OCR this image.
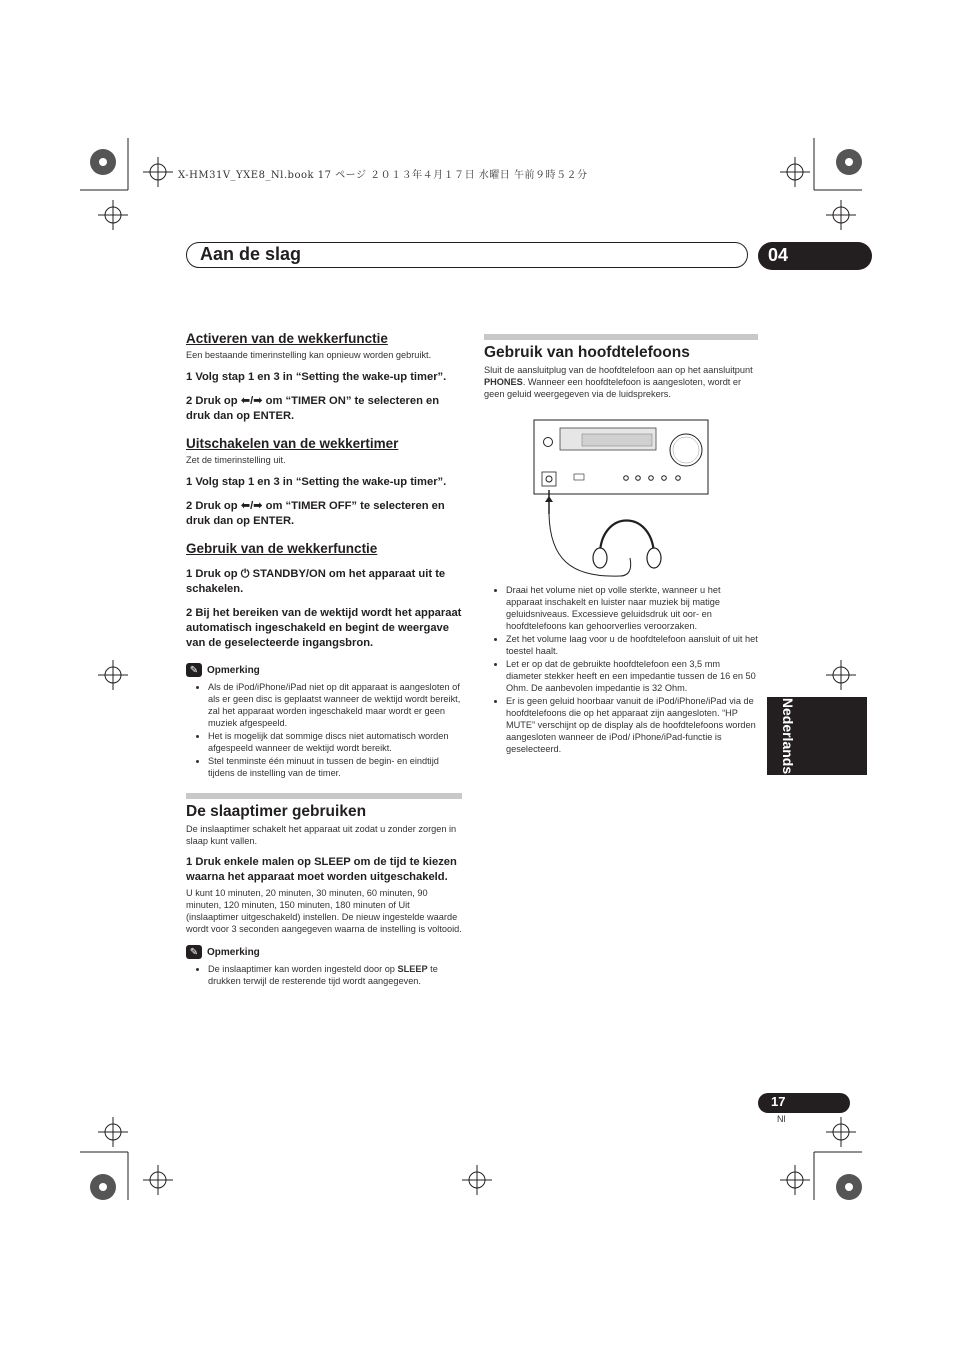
X-HM31V_YXE8_Nl.book 17 ページ ２０１３年４月１７日 水曜日 午前９時５２分
Aan de slag	04
Nederlands

Activeren van de wekkerfunctie

Een bestaande timerinstelling kan opnieuw worden gebruikt.

1 Volg stap 1 en 3 in “Setting the wake-up timer”.

2 Druk op ⬅/➡ om “TIMER ON” te selecteren en druk dan op ENTER.

Uitschakelen van de wekkertimer

Zet de timerinstelling uit.

1 Volg stap 1 en 3 in “Setting the wake-up timer”.

2 Druk op ⬅/➡ om “TIMER OFF” te selecteren en druk dan op ENTER.

Gebruik van de wekkerfunctie

1 Druk op ⏻ STANDBY/ON om het apparaat uit te schakelen.

2 Bij het bereiken van de wektijd wordt het apparaat automatisch ingeschakeld en begint de weergave van de geselecteerde ingangsbron.

✎ Opmerking
• Als de iPod/iPhone/iPad niet op dit apparaat is aangesloten of als er geen disc is geplaatst wanneer de wektijd wordt bereikt, zal het apparaat worden ingeschakeld maar wordt er geen muziek afgespeeld.
• Het is mogelijk dat sommige discs niet automatisch worden afgespeeld wanneer de wektijd wordt bereikt.
• Stel tenminste één minuut in tussen de begin- en eindtijd tijdens de instelling van de timer.

De slaaptimer gebruiken

De inslaaptimer schakelt het apparaat uit zodat u zonder zorgen in slaap kunt vallen.

1 Druk enkele malen op SLEEP om de tijd te kiezen waarna het apparaat moet worden uitgeschakeld.

U kunt 10 minuten, 20 minuten, 30 minuten, 60 minuten, 90 minuten, 120 minuten, 150 minuten, 180 minuten of Uit (inslaaptimer uitgeschakeld) instellen. De nieuw ingestelde waarde wordt voor 3 seconden aangegeven waarna de instelling is voltooid.

✎ Opmerking
• De inslaaptimer kan worden ingesteld door op SLEEP te drukken terwijl de resterende tijd wordt aangegeven.

Gebruik van hoofdtelefoons

Sluit de aansluitplug van de hoofdtelefoon aan op het aansluitpunt PHONES. Wanneer een hoofdtelefoon is aangesloten, wordt er geen geluid weergegeven via de luidsprekers.

• Draai het volume niet op volle sterkte, wanneer u het apparaat inschakelt en luister naar muziek bij matige geluidsniveaus. Excessieve geluidsdruk uit oor- en hoofdtelefoons kan gehoorverlies veroorzaken.
• Zet het volume laag voor u de hoofdtelefoon aansluit of uit het toestel haalt.
• Let er op dat de gebruikte hoofdtelefoon een 3,5 mm diameter stekker heeft en een impedantie tussen de 16 en 50 Ohm. De aanbevolen impedantie is 32 Ohm.
• Er is geen geluid hoorbaar vanuit de iPod/iPhone/iPad via de hoofdtelefoons die op het apparaat zijn aangesloten. “HP MUTE” verschijnt op de display als de hoofdtelefoons worden aangesloten wanneer de iPod/ iPhone/iPad-functie is geselecteerd.
17
Nl
